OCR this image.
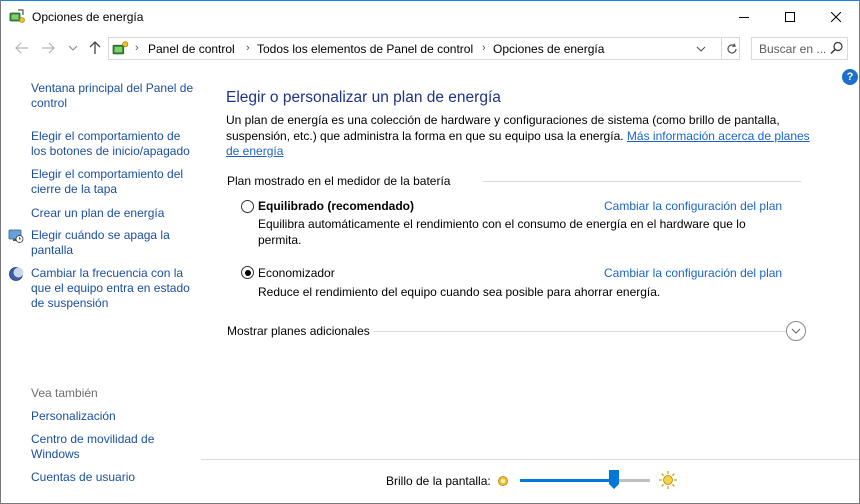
Opciones de energía
› Panel de control › Todos los elementos de Panel de control › Opciones de energía	Buscar en ...
?
Ventana principal del Panel de
control
Elegir el comportamiento de
los botones de inicio/apagado
Elegir el comportamiento del
cierre de la tapa
Crear un plan de energía
Elegir cuándo se apaga la
pantalla
Cambiar la frecuencia con la
que el equipo entra en estado
de suspensión
Vea también
Personalización
Centro de movilidad de
Windows
Cuentas de usuario
Elegir o personalizar un plan de energía
Un plan de energía es una colección de hardware y configuraciones de sistema (como brillo de pantalla, suspensión, etc.) que administra la forma en que su equipo usa la energía. Más información acerca de planes de energía
Plan mostrado en el medidor de la batería
Equilibrado (recomendado)	Cambiar la configuración del plan
Equilibra automáticamente el rendimiento con el consumo de energía en el hardware que lo permita.
Economizador	Cambiar la configuración del plan
Reduce el rendimiento del equipo cuando sea posible para ahorrar energía.
Mostrar planes adicionales
Brillo de la pantalla:
